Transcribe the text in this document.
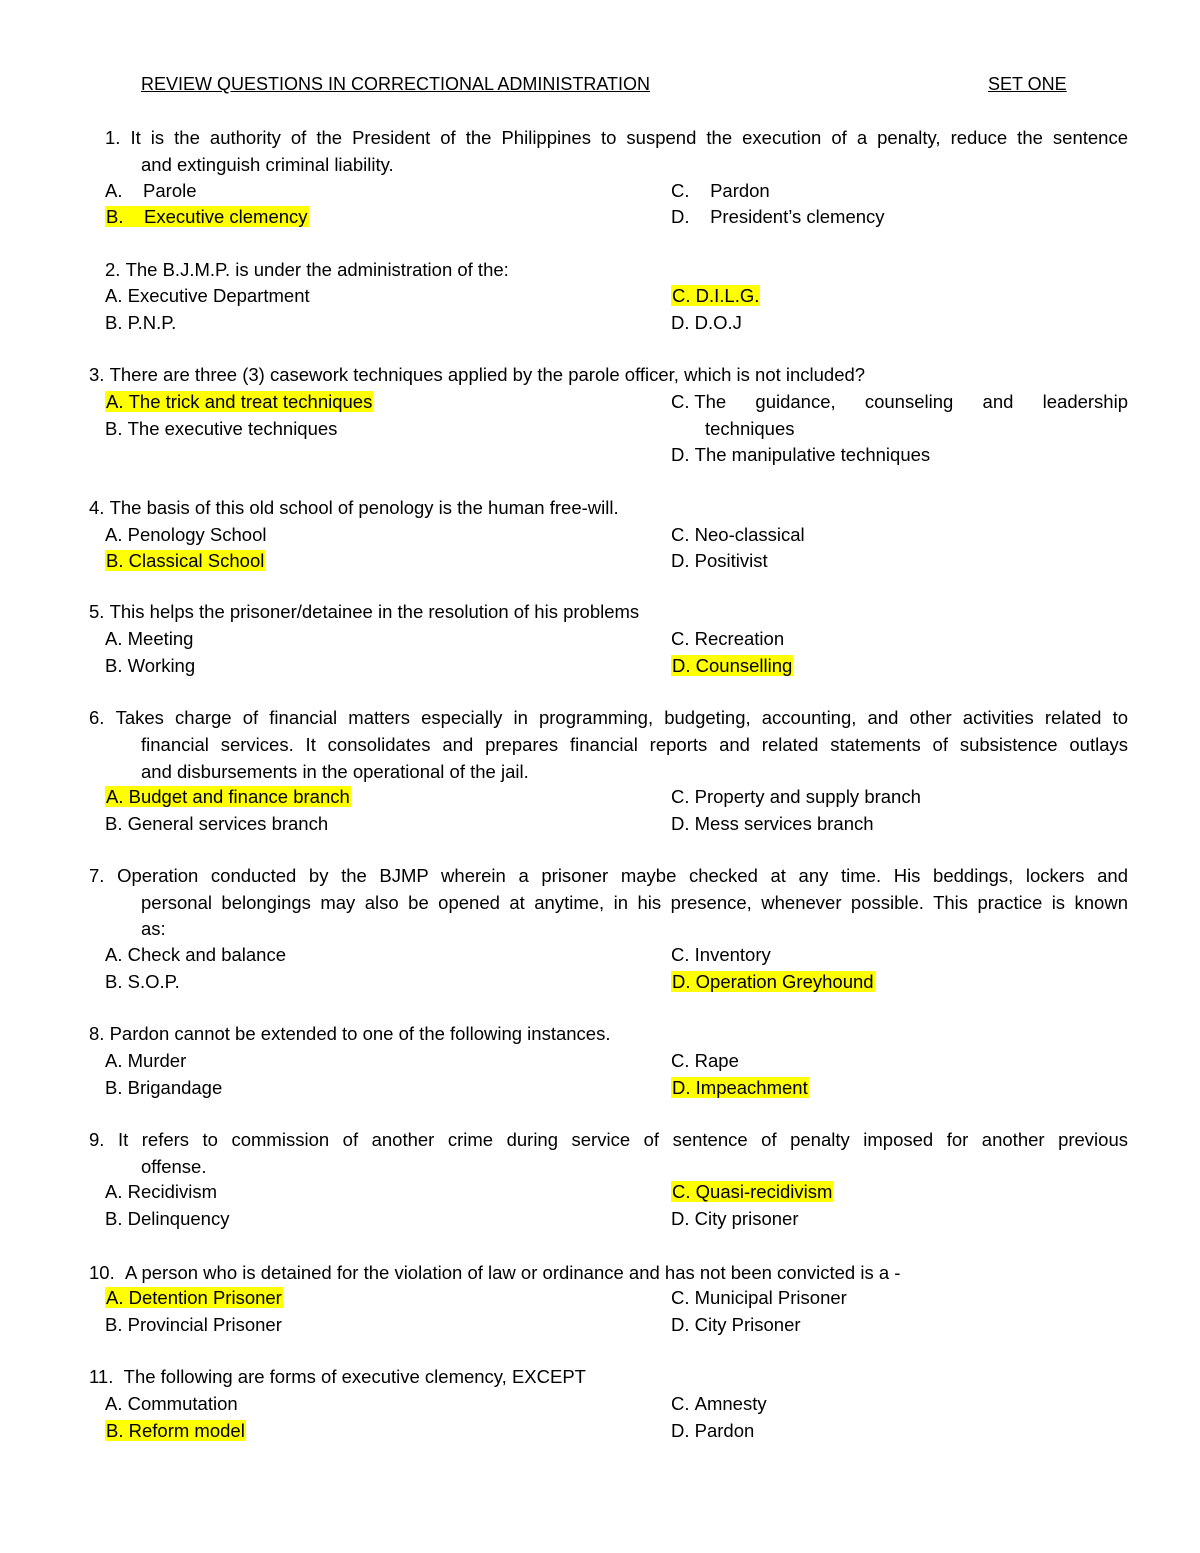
REVIEW QUESTIONS IN CORRECTIONAL ADMINISTRATION	SET ONE
1. It is the authority of the President of the Philippines to suspend the execution of a penalty, reduce the sentence
and extinguish criminal liability.
A. Parole
B. Executive clemency
C. Pardon
D. President’s clemency
2. The B.J.M.P. is under the administration of the:
A. Executive Department
B. P.N.P.
C. D.I.L.G.
D. D.O.J
3. There are three (3) casework techniques applied by the parole officer, which is not included?
A. The trick and treat techniques
B. The executive techniques
C. The guidance, counseling and leadership
techniques
D. The manipulative techniques
4. The basis of this old school of penology is the human free-will.
A. Penology School
B. Classical School
C. Neo-classical
D. Positivist
5. This helps the prisoner/detainee in the resolution of his problems
A. Meeting
B. Working
C. Recreation
D. Counselling
6. Takes charge of financial matters especially in programming, budgeting, accounting, and other activities related to
financial services. It consolidates and prepares financial reports and related statements of subsistence outlays
and disbursements in the operational of the jail.
A. Budget and finance branch
B. General services branch
C. Property and supply branch
D. Mess services branch
7. Operation conducted by the BJMP wherein a prisoner maybe checked at any time. His beddings, lockers and
personal belongings may also be opened at anytime, in his presence, whenever possible. This practice is known
as:
A. Check and balance
B. S.O.P.
C. Inventory
D. Operation Greyhound
8. Pardon cannot be extended to one of the following instances.
A. Murder
B. Brigandage
C. Rape
D. Impeachment
9. It refers to commission of another crime during service of sentence of penalty imposed for another previous
offense.
A. Recidivism
B. Delinquency
C. Quasi-recidivism
D. City prisoner
10. A person who is detained for the violation of law or ordinance and has not been convicted is a -
A. Detention Prisoner
B. Provincial Prisoner
C. Municipal Prisoner
D. City Prisoner
11. The following are forms of executive clemency, EXCEPT
A. Commutation
B. Reform model
C. Amnesty
D. Pardon
